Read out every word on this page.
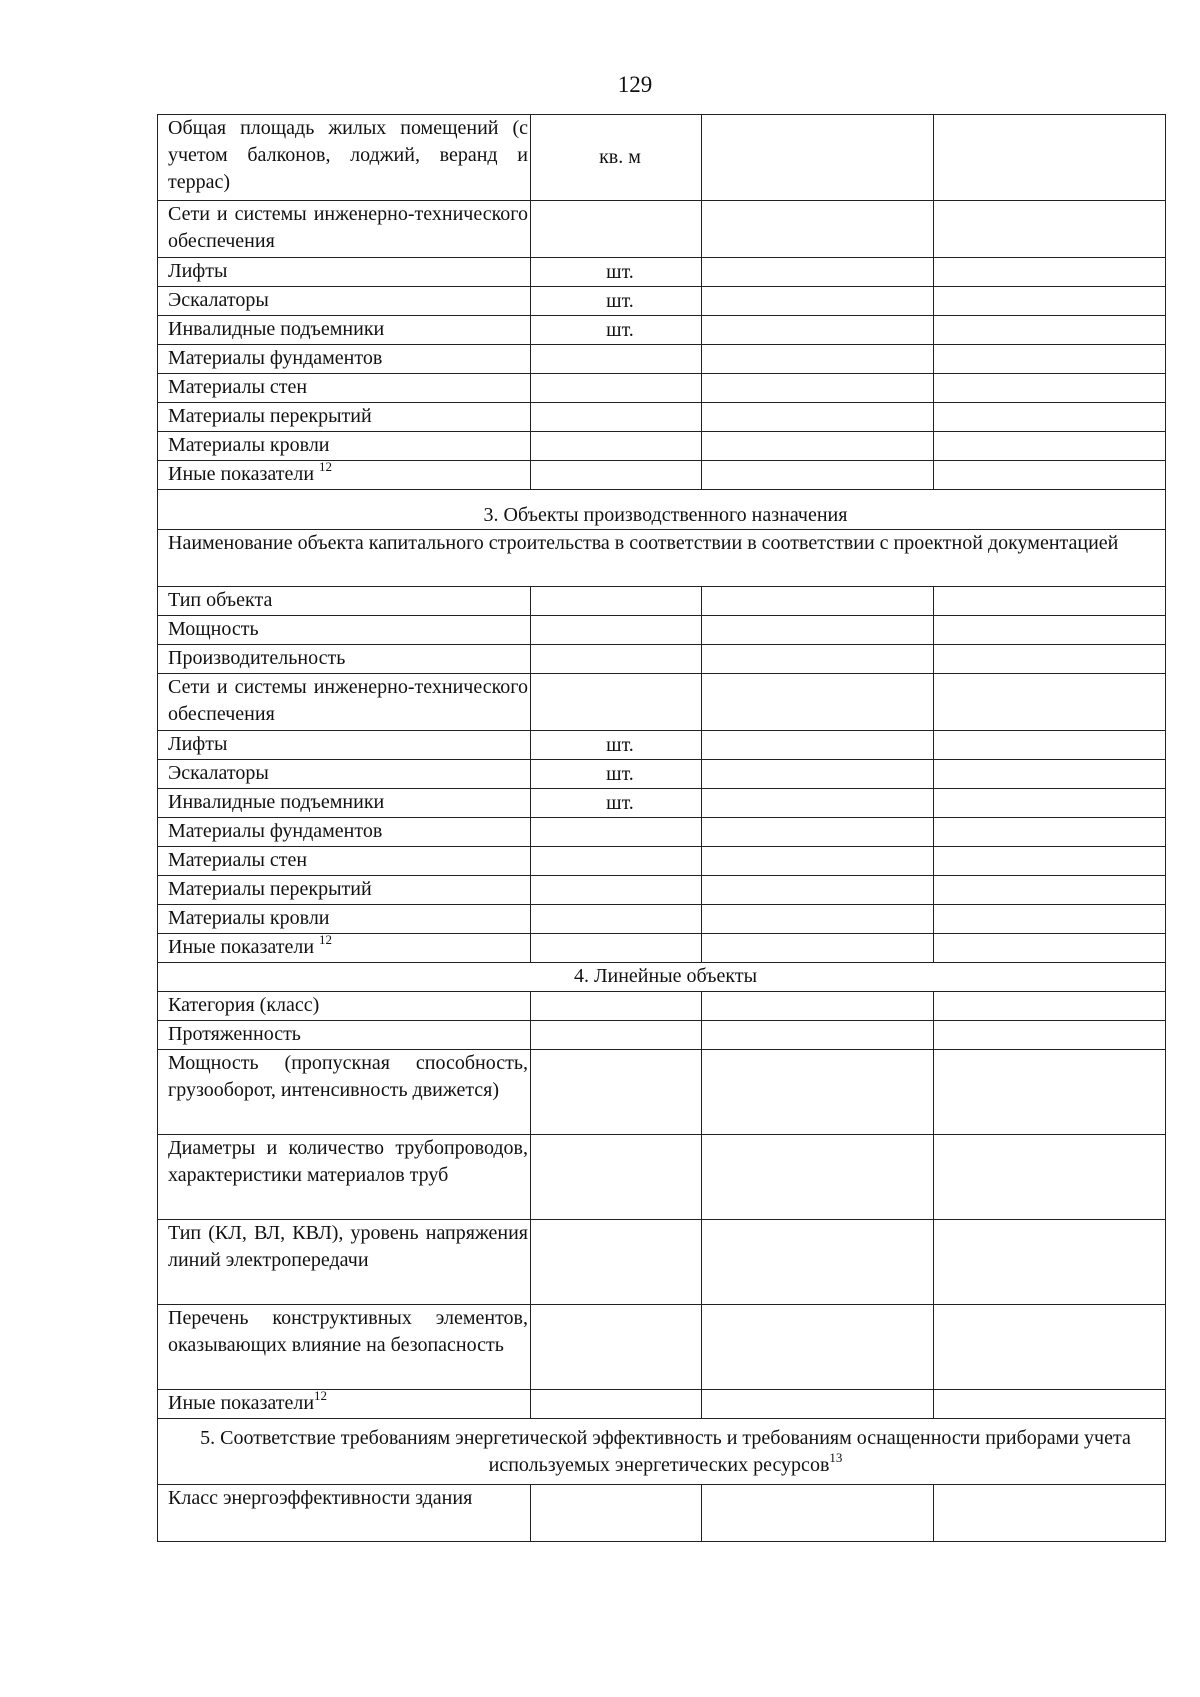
129
Общая площадь жилых помещений (с учетом балконов, лоджий, веранд и террас)	кв. м		
Сети и системы инженерно-технического обеспечения			
Лифты	шт.		
Эскалаторы	шт.		
Инвалидные подъемники	шт.		
Материалы фундаментов			
Материалы стен			
Материалы перекрытий			
Материалы кровли			
Иные показатели $^{12}$			
3. Объекты производственного назначения			
Наименование объекта капитального строительства в соответствии в соответствии с проектной документацией			
Тип объекта			
Мощность			
Производительность			
Сети и системы инженерно-технического обеспечения			
Лифты	шт.		
Эскалаторы	шт.		
Инвалидные подъемники	шт.		
Материалы фундаментов			
Материалы стен			
Материалы перекрытий			
Материалы кровли			
Иные показатели $^{12}$			
4. Линейные объекты			
Категория (класс)			
Протяженность			
Мощность (пропускная способность, грузооборот, интенсивность движется)			
Диаметры и количество трубопроводов, характеристики материалов труб			
Тип (КЛ, ВЛ, КВЛ), уровень напряжения линий электропередачи			
Перечень конструктивных элементов, оказывающих влияние на безопасность			
Иные показатели$^{12}$			
5. Соответствие требованиям энергетической эффективность и требованиям оснащенности приборами учета используемых энергетических ресурсов$^{13}$
Класс энергоэффективности здания			
